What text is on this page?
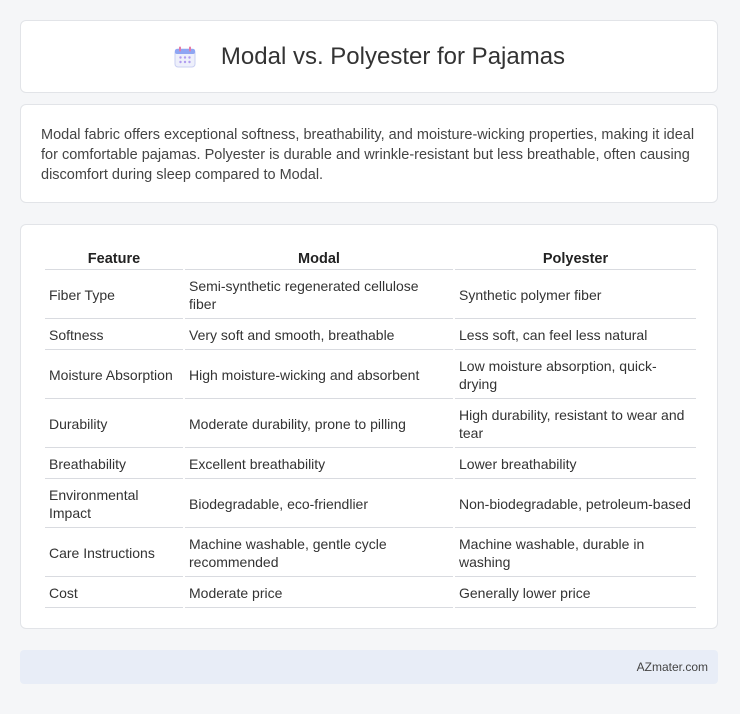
Modal vs. Polyester for Pajamas

Modal fabric offers exceptional softness, breathability, and moisture-wicking properties, making it ideal for comfortable pajamas. Polyester is durable and wrinkle-resistant but less breathable, often causing discomfort during sleep compared to Modal.

Feature	Modal	Polyester
Fiber Type	Semi-synthetic regenerated cellulose fiber	Synthetic polymer fiber
Softness	Very soft and smooth, breathable	Less soft, can feel less natural
Moisture Absorption	High moisture-wicking and absorbent	Low moisture absorption, quick-drying
Durability	Moderate durability, prone to pilling	High durability, resistant to wear and tear
Breathability	Excellent breathability	Lower breathability
Environmental Impact	Biodegradable, eco-friendlier	Non-biodegradable, petroleum-based
Care Instructions	Machine washable, gentle cycle recommended	Machine washable, durable in washing
Cost	Moderate price	Generally lower price
AZmater.com
